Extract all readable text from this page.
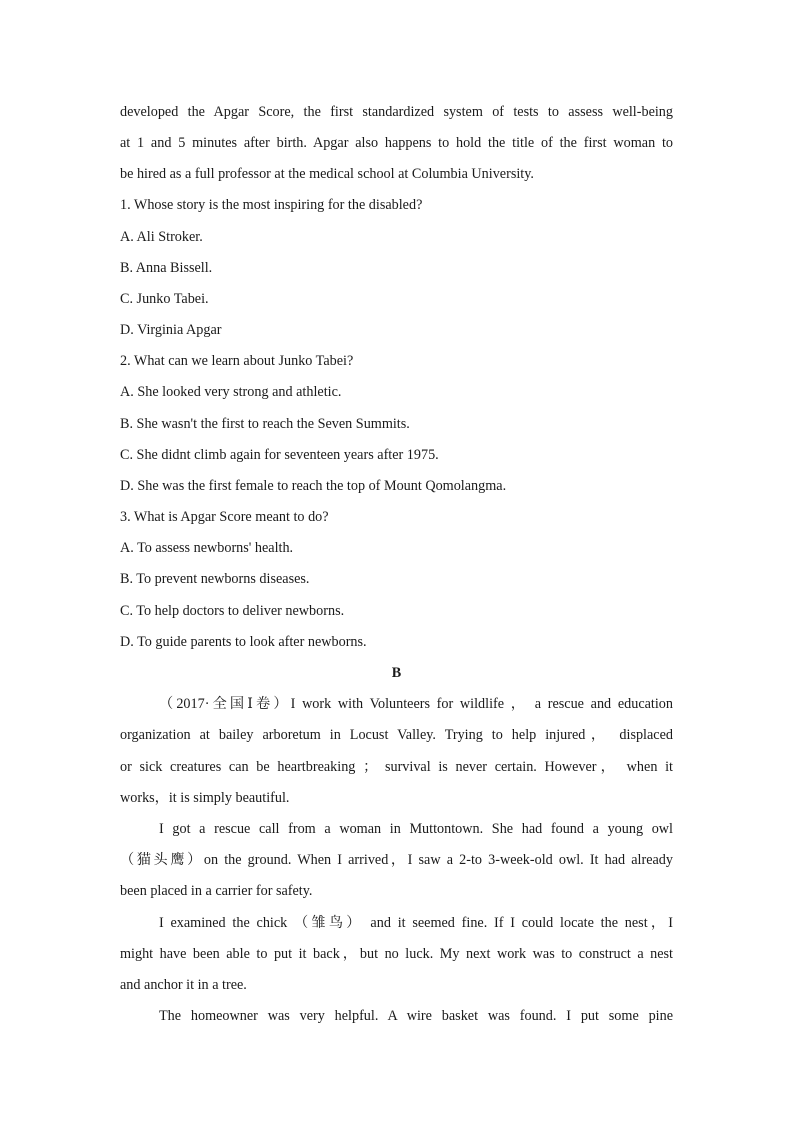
developed the Apgar Score, the first standardized system of tests to assess well-being
at 1 and 5 minutes after birth. Apgar also happens to hold the title of the first woman to
be hired as a full professor at the medical school at Columbia University.
1. Whose story is the most inspiring for the disabled?
A. Ali Stroker.
B. Anna Bissell.
C. Junko Tabei.
D. Virginia Apgar
2. What can we learn about Junko Tabei?
A. She looked very strong and athletic.
B. She wasn't the first to reach the Seven Summits.
C. She didnt climb again for seventeen years after 1975.
D. She was the first female to reach the top of Mount Qomolangma.
3. What is Apgar Score meant to do?
A. To assess newborns' health.
B. To prevent newborns diseases.
C. To help doctors to deliver newborns.
D. To guide parents to look after newborns.
B
（2017·全国Ⅰ卷）I work with Volunteers for wildlife ， a rescue and education
organization at bailey arboretum in Locust Valley. Trying to help injured， displaced
or sick creatures can be heartbreaking ； survival is never certain. However， when it
works，it is simply beautiful.
I got a rescue call from a woman in Muttontown. She had found a young owl
（猫头鹰）on the ground. When I arrived，I saw a 2-to 3-week-old owl. It had already
been placed in a carrier for safety.
I examined the chick （雏鸟） and it seemed fine. If I could locate the nest，I
might have been able to put it back，but no luck. My next work was to construct a nest
and anchor it in a tree.
The homeowner was very helpful. A wire basket was found. I put some pine
